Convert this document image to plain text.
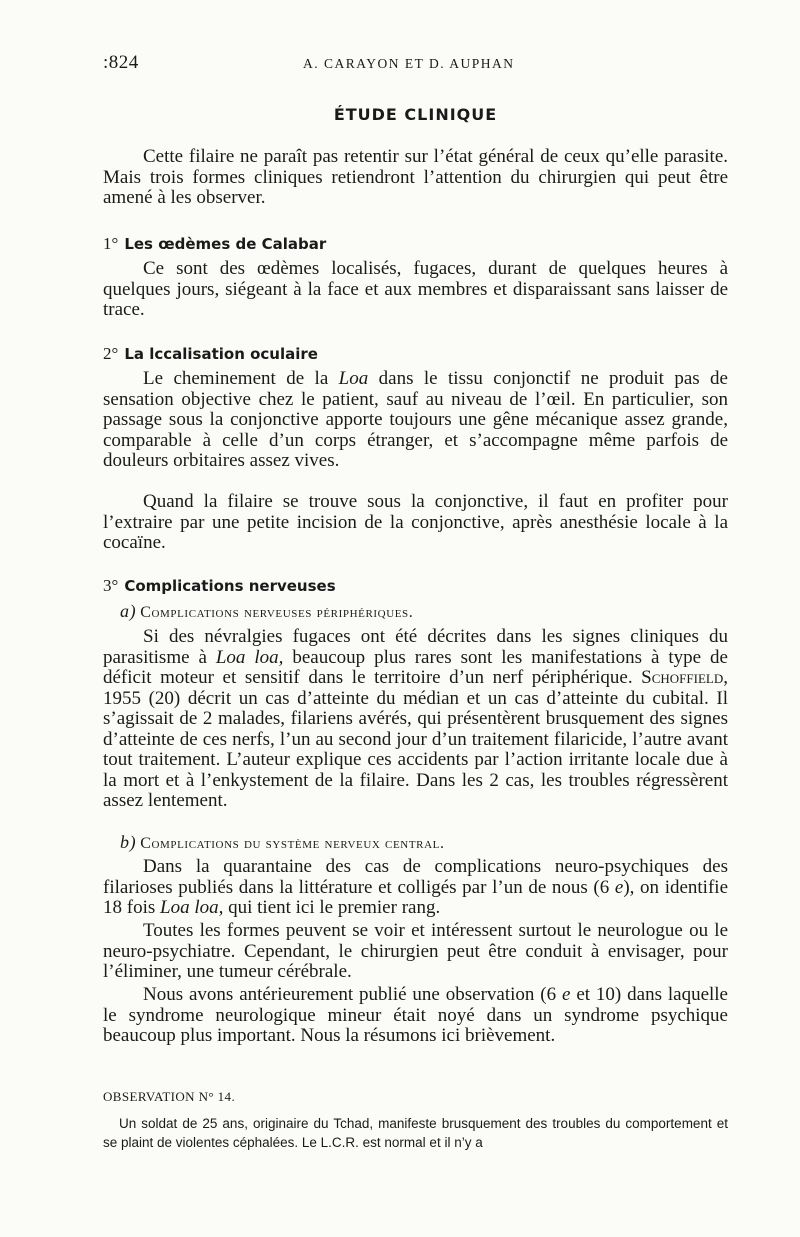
:824	A. CARAYON ET D. AUPHAN
ÉTUDE CLINIQUE

Cette filaire ne paraît pas retentir sur l’état général de ceux qu’elle parasite. Mais trois formes cliniques retiendront l’attention du chirurgien qui peut être amené à les observer.

1° Les œdèmes de Calabar

Ce sont des œdèmes localisés, fugaces, durant de quelques heures à quelques jours, siégeant à la face et aux membres et disparaissant sans laisser de trace.

2° La lccalisation oculaire

Le cheminement de la Loa dans le tissu conjonctif ne produit pas de sensation objective chez le patient, sauf au niveau de l’œil. En particulier, son passage sous la conjonctive apporte toujours une gêne mécanique assez grande, comparable à celle d’un corps étranger, et s’accompagne même parfois de douleurs orbitaires assez vives.

Quand la filaire se trouve sous la conjonctive, il faut en profiter pour l’extraire par une petite incision de la conjonctive, après anesthésie locale à la cocaïne.

3° Complications nerveuses
a) Complications nerveuses périphériques.

Si des névralgies fugaces ont été décrites dans les signes cliniques du parasitisme à Loa loa, beaucoup plus rares sont les manifestations à type de déficit moteur et sensitif dans le territoire d’un nerf périphérique. Schoffield, 1955 (20) décrit un cas d’atteinte du médian et un cas d’atteinte du cubital. Il s’agissait de 2 malades, filariens avérés, qui présentèrent brusquement des signes d’atteinte de ces nerfs, l’un au second jour d’un traitement filaricide, l’autre avant tout traitement. L’auteur explique ces accidents par l’action irritante locale due à la mort et à l’enkystement de la filaire. Dans les 2 cas, les troubles régressèrent assez lentement.

b) Complications du système nerveux central.

Dans la quarantaine des cas de complications neuro-psychiques des filarioses publiés dans la littérature et colligés par l’un de nous (6 e), on identifie 18 fois Loa loa, qui tient ici le premier rang.

Toutes les formes peuvent se voir et intéressent surtout le neurologue ou le neuro-psychiatre. Cependant, le chirurgien peut être conduit à envisager, pour l’éliminer, une tumeur cérébrale.

Nous avons antérieurement publié une observation (6 e et 10) dans laquelle le syndrome neurologique mineur était noyé dans un syndrome psychique beaucoup plus important. Nous la résumons ici brièvement.

OBSERVATION N° 14.

Un soldat de 25 ans, originaire du Tchad, manifeste brusquement des troubles du comportement et se plaint de violentes céphalées. Le L.C.R. est normal et il n’y a
